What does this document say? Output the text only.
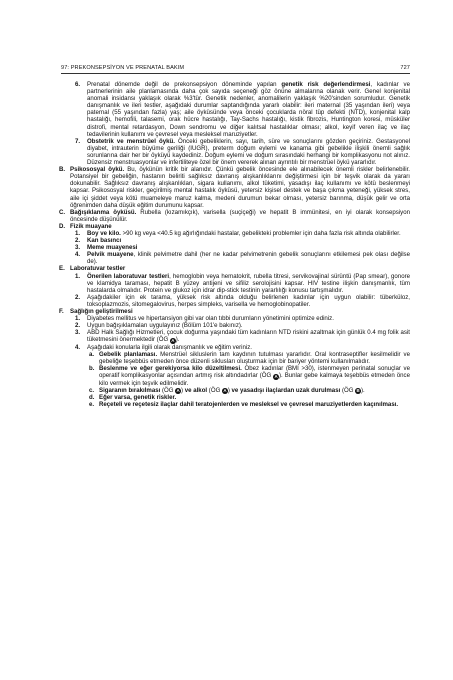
97: PREKONSEPSİYON VE PRENATAL BAKIM	727
6. Prenatal dönemde değil de prekonsepsiyon döneminde yapılan genetik risk değerlendirmesi, kadınlar ve partnerlerinin aile planlamasında daha çok sayıda seçeneği göz önüne almalarına olanak verir. Genel konjenital anomali insidansı yaklaşık olarak %3'tür. Genetik nedenler, anomalilerin yaklaşık %20'sinden sorumludur. Genetik danışmanlık ve ileri testler, aşağıdaki durumlar saptandığında yararlı olabilir: ileri maternal (35 yaşından ileri) veya paternal (55 yaşından fazla) yaş; aile öyküsünde veya önceki çocuklarda nöral tüp defekti (NTD), konjenital kalp hastalığı, hemofili, talasemi, orak hücre hastalığı, Tay-Sachs hastalığı, kistik fibrozis, Huntington koresi, müsküler distrofi, mental retardasyon, Down sendromu ve diğer kalıtsal hastalıklar olması; alkol, keyif veren ilaç ve ilaç tedavilerinin kullanımı ve çevresel veya mesleksel maruziyetler.
7. Obstetrik ve menstrüel öykü. Önceki gebeliklerin, sayı, tarih, süre ve sonuçlarını gözden geçiriniz. Gestasyonel diyabet, intrauterin büyüme geriliği (IUGR), preterm doğum eylemi ve kanama gibi gebelikle ilişkili önemli sağlık sorunlarına dair her bir öyküyü kaydediniz. Doğum eylemi ve doğum sırasındaki herhangi bir komplikasyonu not alınız. Düzensiz menstruasyonlar ve infertiliteye özel bir önem vererek alınan ayrıntılı bir menstrüel öykü yararlıdır.
B. Psikososyal öykü. Bu, öykünün kritik bir alanıdır. Çünkü gebelik öncesinde ele alınabilecek önemli riskler belirlenebilir. Potansiyel bir gebeliğin, hastanın beliriti sağlıksız davranış alışkanlıklarını değiştirmesi için bir teşvik olarak da yararı dokunabilir. Sağlıksız davranış alışkanlıkları, sigara kullanımı, alkol tüketimi, yasadışı ilaç kullanımı ve kötü beslenmeyi kapsar. Psikososyal riskler, geçirilmiş mental hastalık öyküsü, yetersiz kişisel destek ve başa çıkma yeteneği, yüksek stres, aile içi şiddet veya kötü muameleye maruz kalma, medeni durumun bekar olması, yetersiz barınma, düşük gelir ve orta öğrenimden daha düşük eğitim durumunu kapsar.
C. Bağışıklanma öyküsü. Rubella (kızamıkçık), varisella (suçiçeği) ve hepatit B immünitesi, en iyi olarak konsepsiyon öncesinde düşünülür.
D. Fizik muayane
1. Boy ve kilo. >90 kg veya <40.5 kg ağırlığındaki hastalar, gebelikteki problemler için daha fazla risk altında olabilirler.
2. Kan basıncı
3. Meme muayenesi
4. Pelvik muayene, klinik pelvimetre dahil (her ne kadar pelvimetrenin gebelik sonuçlarını etkilemesi pek olası değilse de).
E. Laboratuvar testler
1. Önerilen laboratuvar testleri, hemoglobin veya hematokrit, rubella titresi, servikovajinal sürüntü (Pap smear), gonore ve klamidya taraması, hepatit B yüzey antijeni ve sifiliz serolojisini kapsar. HIV testine ilişkin danışmanlık, tüm hastalarda olmalıdır. Protein ve glukoz için idrar dip-stick testinin yararlılığı konusu tartışmalıdır.
2. Aşağıdakiler için ek tarama, yüksek risk altında olduğu belirlenen kadınlar için uygun olabilir: tüberküloz, toksoplazmozis, sitomegalovirus, herpes simpleks, varisella ve hemoglobinopatiler.
F. Sağlığın geliştirilmesi
1. Diyabetes mellitus ve hipertansiyon gibi var olan tıbbi durumların yönetimini optimize ediniz.
2. Uygun bağışıklamaları uygulayınız (Bölüm 101'e bakınız).
3. ABD Halk Sağlığı Hizmetleri, çocuk doğurma yaşındaki tüm kadınların NTD riskini azaltmak için günlük 0.4 mg folik asit tüketmesini önermektedir (ÖG A).
4. Aşağıdaki konularla ilgili olarak danışmanlık ve eğitim veriniz.
a. Gebelik planlaması. Menstrüel sikluslerin tam kaydının tutulması yararlıdır. Oral kontraseptifler kesilmelidir ve gebeliğe teşebbüs etmeden önce düzenli siklusları oluşturmak için bir bariyer yöntemi kullanılmalıdır.
b. Beslenme ve eğer gerekiyorsa kilo düzeltilmesi. Obez kadınlar (BMI >30), istenmeyen perinatal sonuçlar ve operatif komplikasyonlar açısından artmış risk altındadırlar (ÖG A). Bunlar gebe kalmaya teşebbüs etmeden önce kilo vermek için teşvik edilmelidir.
c. Sigaranın bırakılması (ÖG A) ve alkol (ÖG A) ve yasadışı ilaçlardan uzak durulması (ÖG B).
d. Eğer varsa, genetik riskler.
e. Reçeteli ve reçetesiz ilaçlar dahil teratojenlerden ve mesleksel ve çevresel maruziyetlerden kaçınılması.
